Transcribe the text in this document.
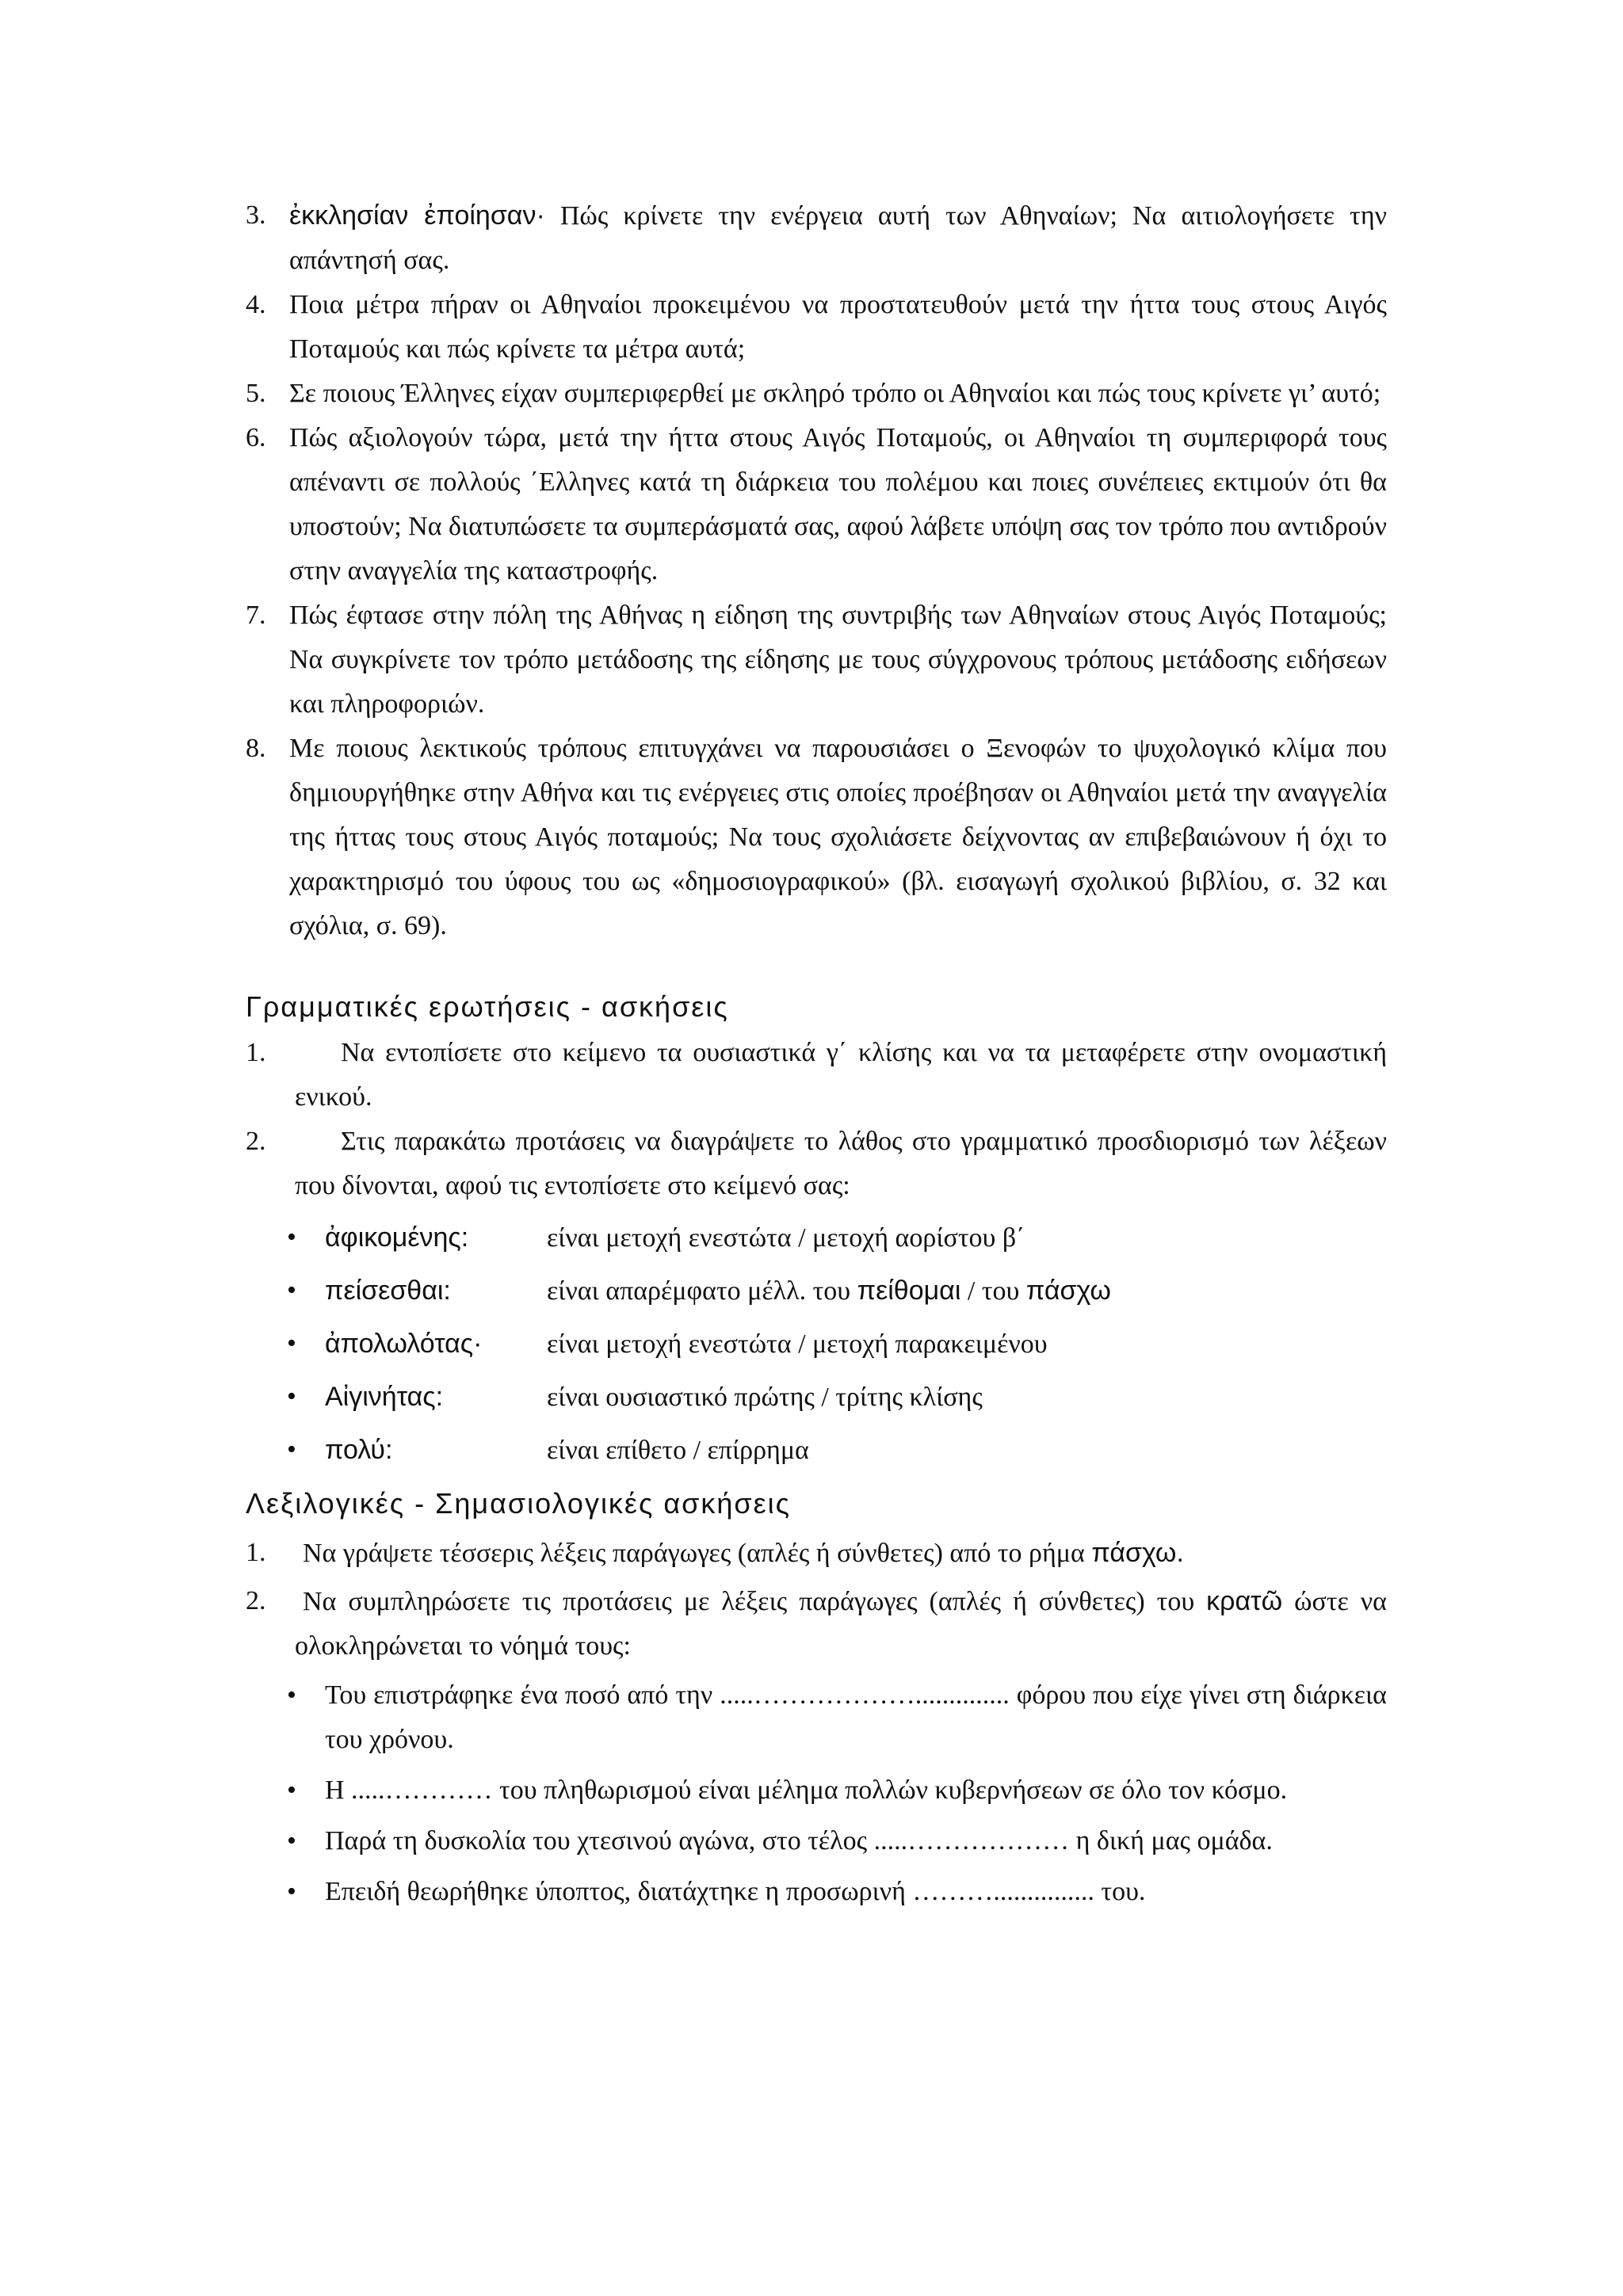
3. ἐκκλησίαν ἐποίησαν· Πώς κρίνετε την ενέργεια αυτή των Αθηναίων; Να αιτιολογήσετε την απάντησή σας.
4. Ποια μέτρα πήραν οι Αθηναίοι προκειμένου να προστατευθούν μετά την ήττα τους στους Αιγός Ποταμούς και πώς κρίνετε τα μέτρα αυτά;
5. Σε ποιους Έλληνες είχαν συμπεριφερθεί με σκληρό τρόπο οι Αθηναίοι και πώς τους κρίνετε γι’ αυτό;
6. Πώς αξιολογούν τώρα, μετά την ήττα στους Αιγός Ποταμούς, οι Αθηναίοι τη συμπεριφορά τους απέναντι σε πολλούς ΄Ελληνες κατά τη διάρκεια του πολέμου και ποιες συνέπειες εκτιμούν ότι θα υποστούν; Να διατυπώσετε τα συμπεράσματά σας, αφού λάβετε υπόψη σας τον τρόπο που αντιδρούν στην αναγγελία της καταστροφής.
7. Πώς έφτασε στην πόλη της Αθήνας η είδηση της συντριβής των Αθηναίων στους Αιγός Ποταμούς; Να συγκρίνετε τον τρόπο μετάδοσης της είδησης με τους σύγχρονους τρόπους μετάδοσης ειδήσεων και πληροφοριών.
8. Με ποιους λεκτικούς τρόπους επιτυγχάνει να παρουσιάσει ο Ξενοφών το ψυχολογικό κλίμα που δημιουργήθηκε στην Αθήνα και τις ενέργειες στις οποίες προέβησαν οι Αθηναίοι μετά την αναγγελία της ήττας τους στους Αιγός ποταμούς; Να τους σχολιάσετε δείχνοντας αν επιβεβαιώνουν ή όχι το χαρακτηρισμό του ύφους του ως «δημοσιογραφικού» (βλ. εισαγωγή σχολικού βιβλίου, σ. 32 και σχόλια, σ. 69).
Γραμματικές ερωτήσεις - ασκήσεις
1.	Να εντοπίσετε στο κείμενο τα ουσιαστικά γ΄ κλίσης και να τα μεταφέρετε στην ονομαστική ενικού.
2.	Στις παρακάτω προτάσεις να διαγράψετε το λάθος στο γραμματικό προσδιορισμό των λέξεων που δίνονται, αφού τις εντοπίσετε στο κείμενό σας:
• ἀφικομένης:	είναι μετοχή ενεστώτα / μετοχή αορίστου β΄
• πείσεσθαι:	είναι απαρέμφατο μέλλ. του πείθομαι / του πάσχω
• ἀπολωλότας· είναι μετοχή ενεστώτα / μετοχή παρακειμένου
• Αἰγινήτας:	είναι ουσιαστικό πρώτης / τρίτης κλίσης
• πολύ:	είναι επίθετο / επίρρημα
Λεξιλογικές - Σημασιολογικές ασκήσεις
1. Να γράψετε τέσσερις λέξεις παράγωγες (απλές ή σύνθετες) από το ρήμα πάσχω.
2. Να συμπληρώσετε τις προτάσεις με λέξεις παράγωγες (απλές ή σύνθετες) του κρατῶ ώστε να ολοκληρώνεται το νόημά τους:
• Του επιστράφηκε ένα ποσό από την .....……………….............. φόρου που είχε γίνει στη διάρκεια του χρόνου.
• Η .....………… του πληθωρισμού είναι μέλημα πολλών κυβερνήσεων σε όλο τον κόσμο.
• Παρά τη δυσκολία του χτεσινού αγώνα, στο τέλος .....……………… η δική μας ομάδα.
• Επειδή θεωρήθηκε ύποπτος, διατάχτηκε η προσωρινή ………............... του.
